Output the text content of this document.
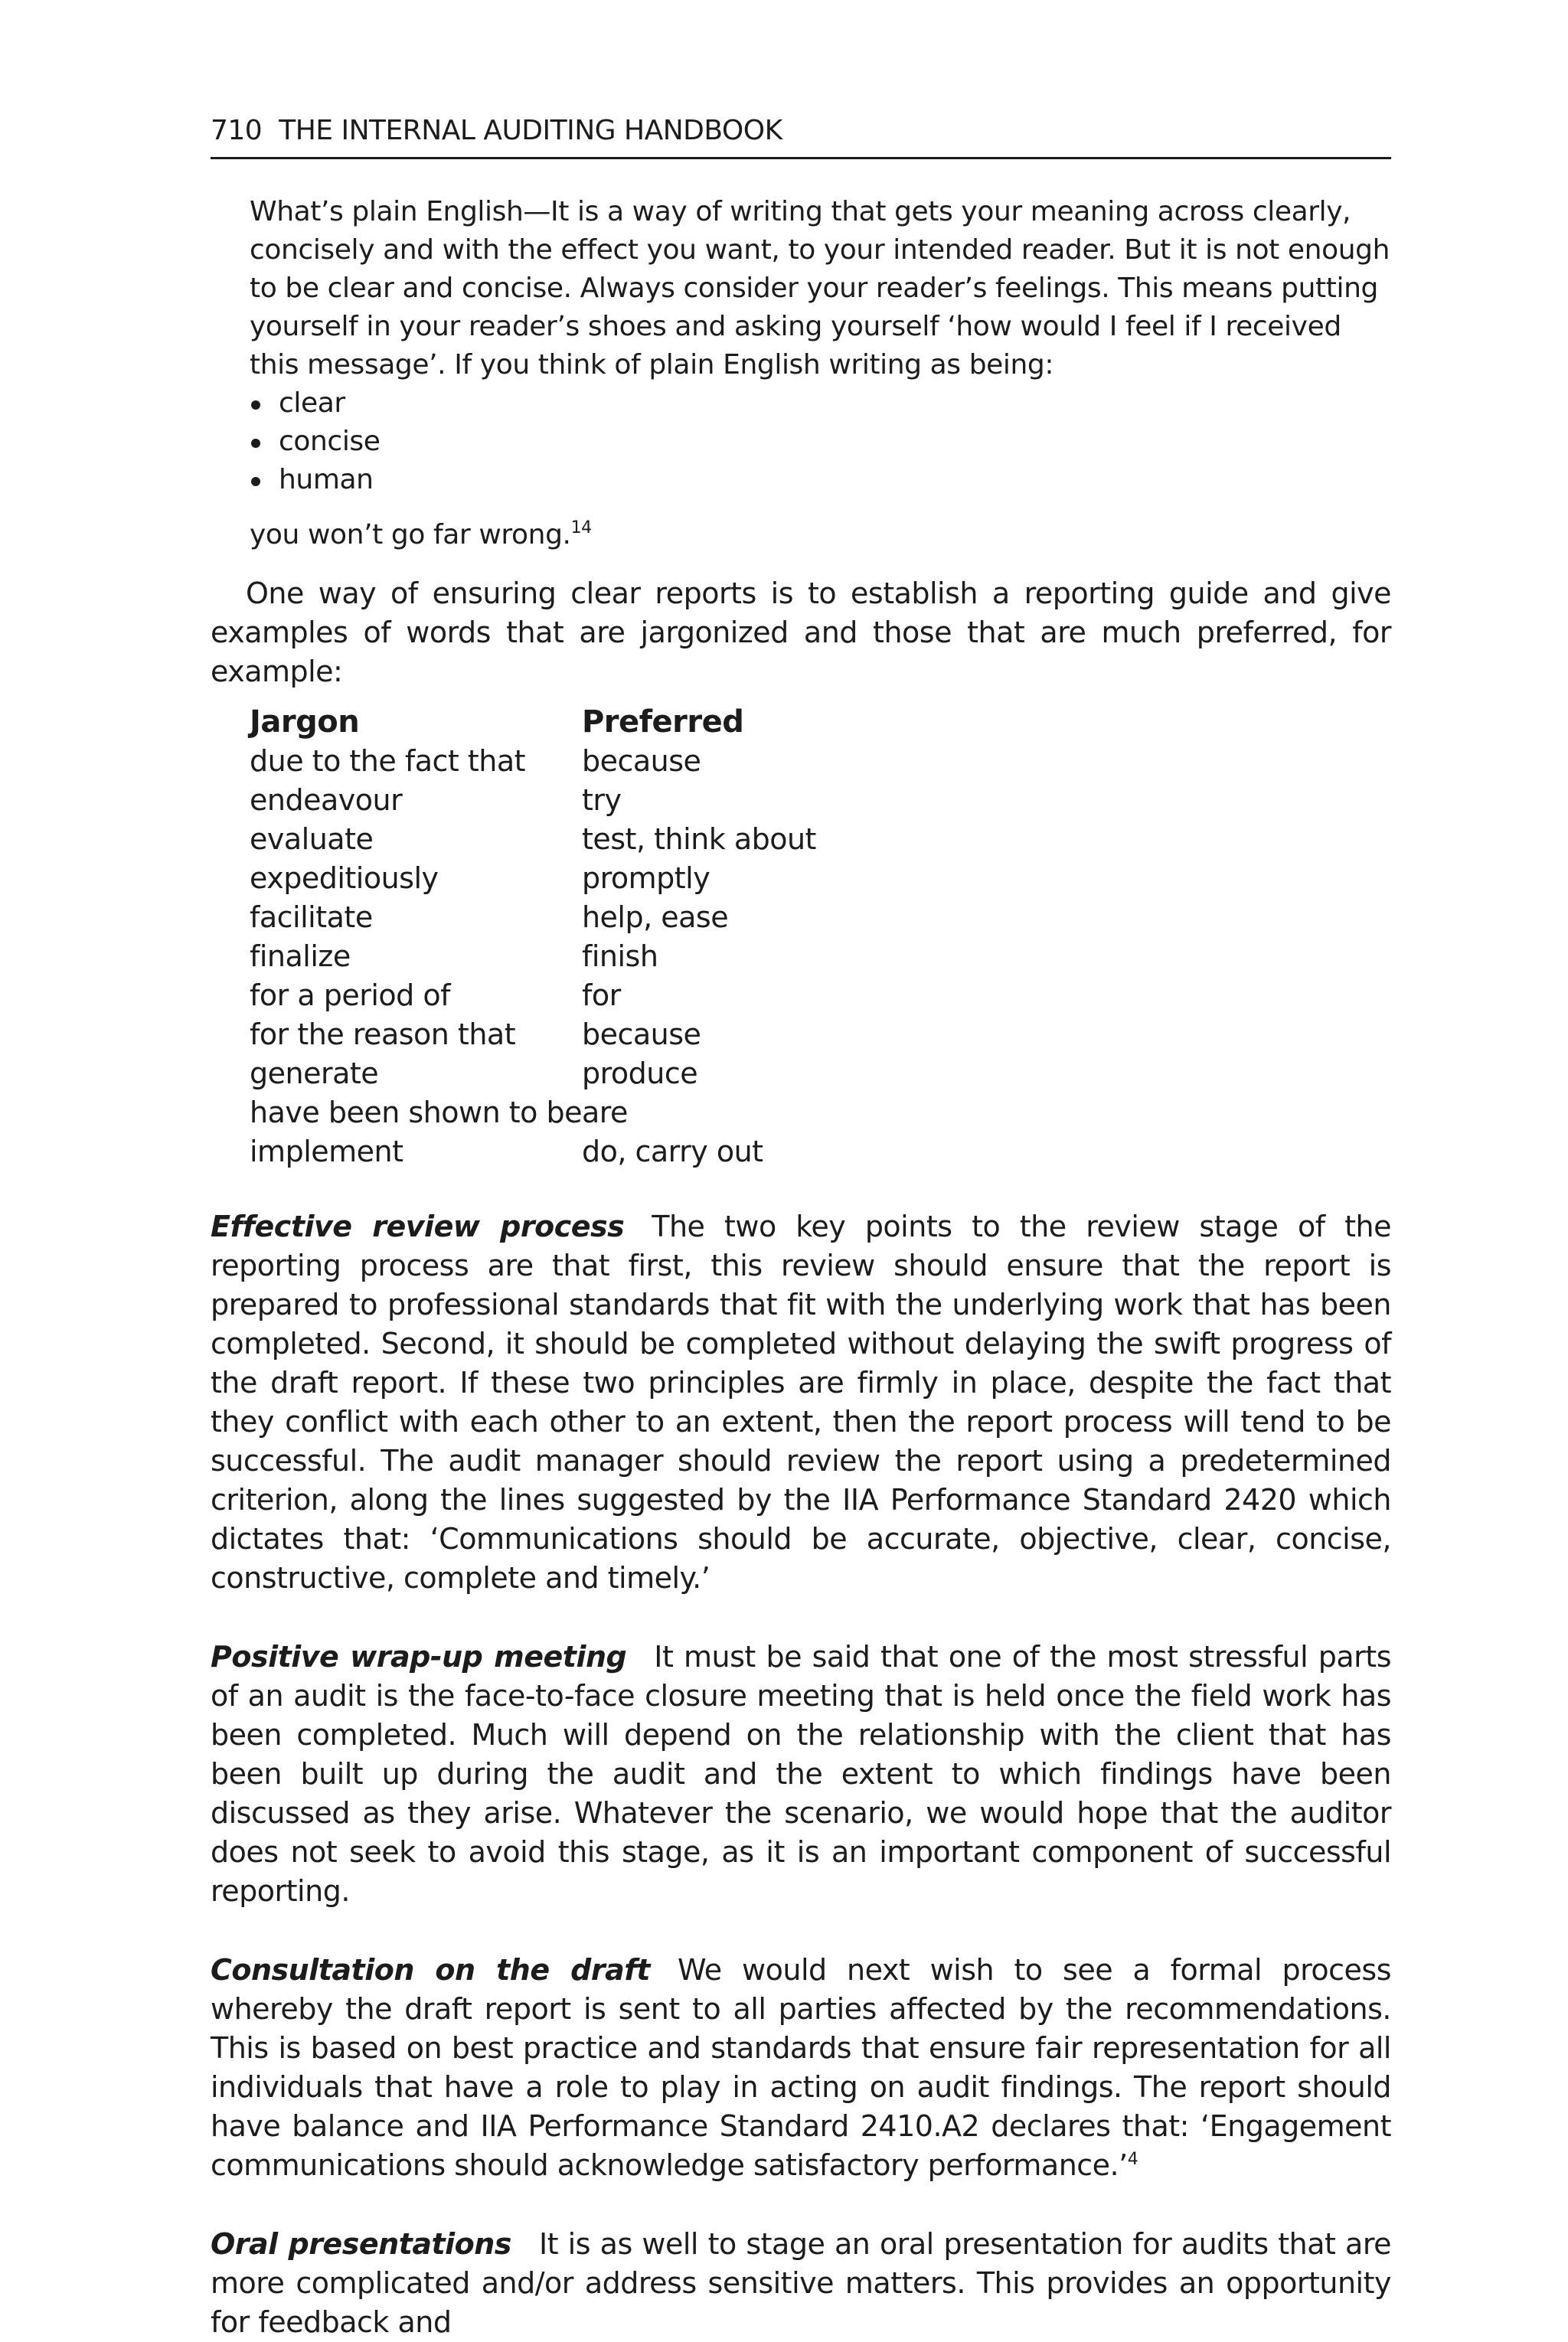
710 THE INTERNAL AUDITING HANDBOOK

What’s plain English—It is a way of writing that gets your meaning across clearly, concisely and with the effect you want, to your intended reader. But it is not enough to be clear and concise. Always consider your reader’s feelings. This means putting yourself in your reader’s shoes and asking yourself ‘how would I feel if I received this message’. If you think of plain English writing as being:

clear
concise
human

you won’t go far wrong.$^{14}$

One way of ensuring clear reports is to establish a reporting guide and give examples of words that are jargonized and those that are much preferred, for example:

Jargon	Preferred
due to the fact that	because
endeavour	try
evaluate	test, think about
expeditiously	promptly
facilitate	help, ease
finalize	finish
for a period of	for
for the reason that	because
generate	produce
have been shown to be	are
implement	do, carry out

Effective review process The two key points to the review stage of the reporting process are that first, this review should ensure that the report is prepared to professional standards that fit with the underlying work that has been completed. Second, it should be completed without delaying the swift progress of the draft report. If these two principles are firmly in place, despite the fact that they conflict with each other to an extent, then the report process will tend to be successful. The audit manager should review the report using a predetermined criterion, along the lines suggested by the IIA Performance Standard 2420 which dictates that: ‘Communications should be accurate, objective, clear, concise, constructive, complete and timely.’

Positive wrap-up meeting It must be said that one of the most stressful parts of an audit is the face-to-face closure meeting that is held once the field work has been completed. Much will depend on the relationship with the client that has been built up during the audit and the extent to which findings have been discussed as they arise. Whatever the scenario, we would hope that the auditor does not seek to avoid this stage, as it is an important component of successful reporting.

Consultation on the draft We would next wish to see a formal process whereby the draft report is sent to all parties affected by the recommendations. This is based on best practice and standards that ensure fair representation for all individuals that have a role to play in acting on audit findings. The report should have balance and IIA Performance Standard 2410.A2 declares that: ‘Engagement communications should acknowledge satisfactory performance.’$^4$

Oral presentations It is as well to stage an oral presentation for audits that are more complicated and/or address sensitive matters. This provides an opportunity for feedback and
